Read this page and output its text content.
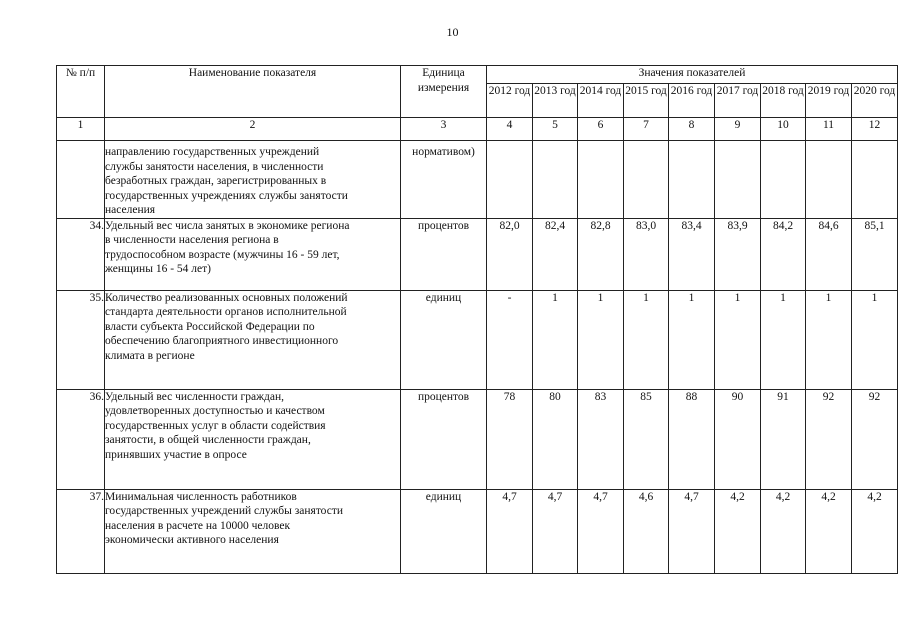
10
№ п/п	Наименование показателя	Единица измерения	Значения показателей								
			2012 год	2013 год	2014 год	2015 год	2016 год	2017 год	2018 год	2019 год	2020 год
1	2	3	4	5	6	7	8	9	10	11	12

	направлению государственных учреждений службы занятости населения, в численности безработных граждан, зарегистрированных в государственных учреждениях службы занятости населения	нормативом)									
34.	Удельный вес числа занятых в экономике региона в численности населения региона в трудоспособном возрасте (мужчины 16 - 59 лет, женщины 16 - 54 лет)	процентов	82,0	82,4	82,8	83,0	83,4	83,9	84,2	84,6	85,1
35.	Количество реализованных основных положений стандарта деятельности органов исполнительной власти субъекта Российской Федерации по обеспечению благоприятного инвестиционного климата в регионе	единиц	-	1	1	1	1	1	1	1	1
36.	Удельный вес численности граждан, удовлетворенных доступностью и качеством государственных услуг в области содействия занятости, в общей численности граждан, принявших участие в опросе	процентов	78	80	83	85	88	90	91	92	92
37.	Минимальная численность работников государственных учреждений службы занятости населения в расчете на 10000 человек экономически активного населения	единиц	4,7	4,7	4,7	4,6	4,7	4,2	4,2	4,2	4,2
